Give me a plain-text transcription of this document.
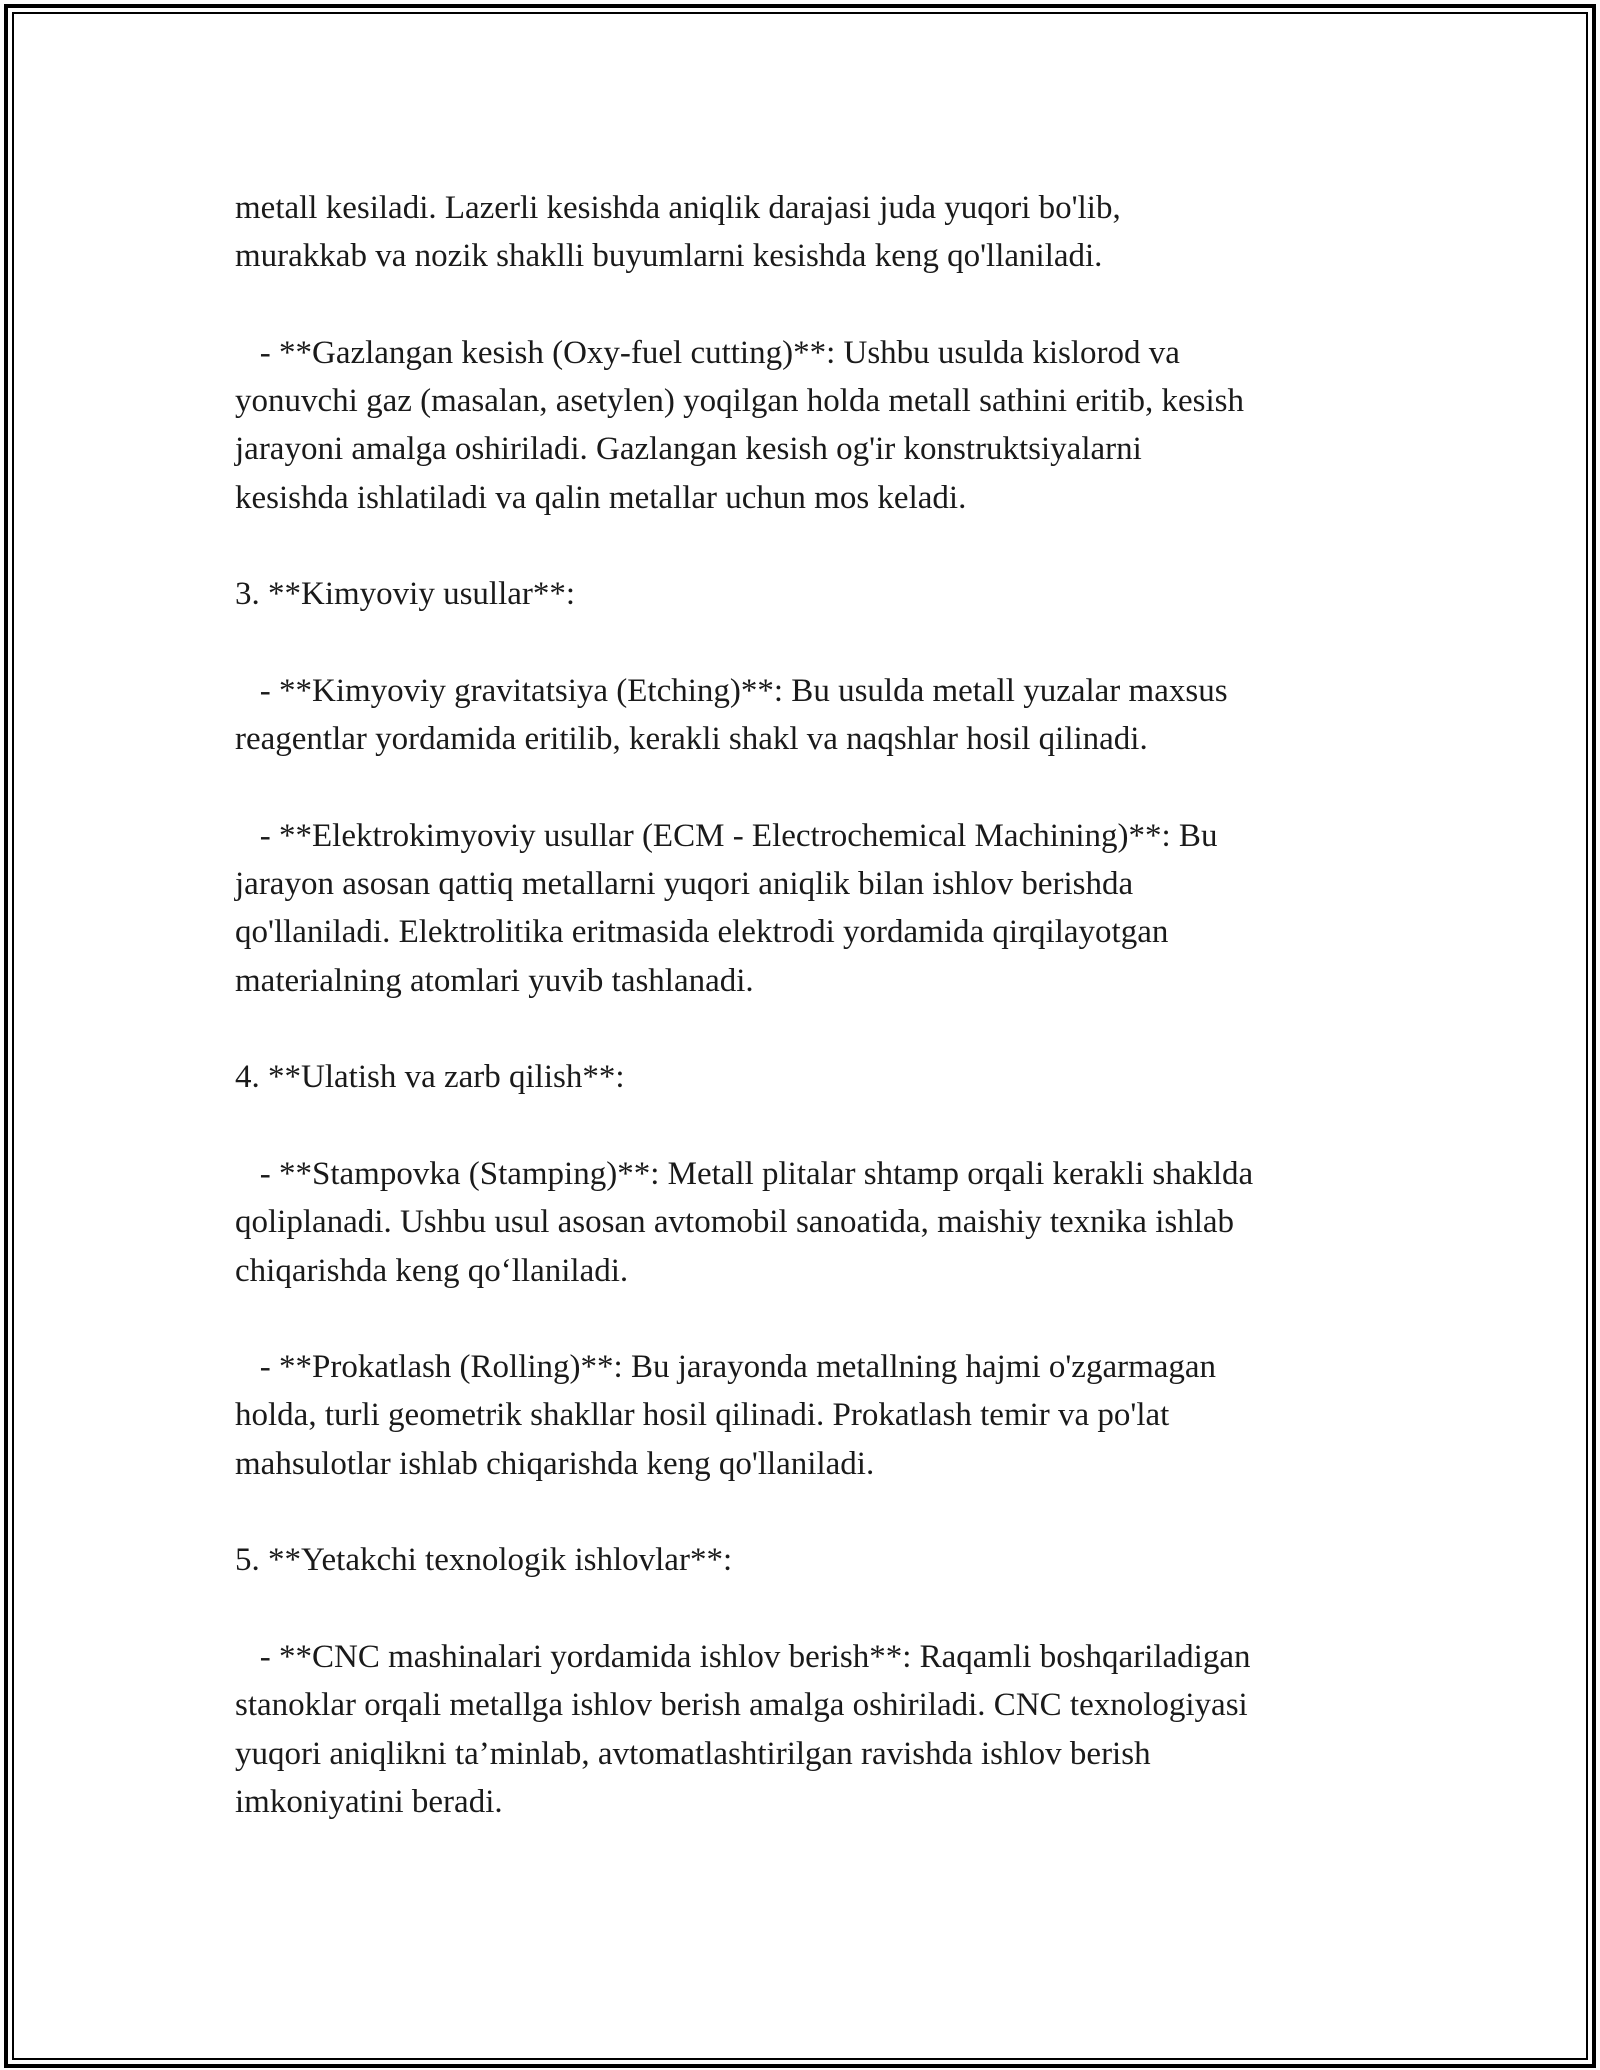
metall kesiladi. Lazerli kesishda aniqlik darajasi juda yuqori bo'lib,
murakkab va nozik shaklli buyumlarni kesishda keng qo'llaniladi.
- **Gazlangan kesish (Oxy-fuel cutting)**: Ushbu usulda kislorod va
yonuvchi gaz (masalan, asetylen) yoqilgan holda metall sathini eritib, kesish
jarayoni amalga oshiriladi. Gazlangan kesish og'ir konstruktsiyalarni
kesishda ishlatiladi va qalin metallar uchun mos keladi.
3. **Kimyoviy usullar**:
- **Kimyoviy gravitatsiya (Etching)**: Bu usulda metall yuzalar maxsus
reagentlar yordamida eritilib, kerakli shakl va naqshlar hosil qilinadi.
- **Elektrokimyoviy usullar (ECM - Electrochemical Machining)**: Bu
jarayon asosan qattiq metallarni yuqori aniqlik bilan ishlov berishda
qo'llaniladi. Elektrolitika eritmasida elektrodi yordamida qirqilayotgan
materialning atomlari yuvib tashlanadi.
4. **Ulatish va zarb qilish**:
- **Stampovka (Stamping)**: Metall plitalar shtamp orqali kerakli shaklda
qoliplanadi. Ushbu usul asosan avtomobil sanoatida, maishiy texnika ishlab
chiqarishda keng qo‘llaniladi.
- **Prokatlash (Rolling)**: Bu jarayonda metallning hajmi o'zgarmagan
holda, turli geometrik shakllar hosil qilinadi. Prokatlash temir va po'lat
mahsulotlar ishlab chiqarishda keng qo'llaniladi.
5. **Yetakchi texnologik ishlovlar**:
- **CNC mashinalari yordamida ishlov berish**: Raqamli boshqariladigan
stanoklar orqali metallga ishlov berish amalga oshiriladi. CNC texnologiyasi
yuqori aniqlikni ta’minlab, avtomatlashtirilgan ravishda ishlov berish
imkoniyatini beradi.
